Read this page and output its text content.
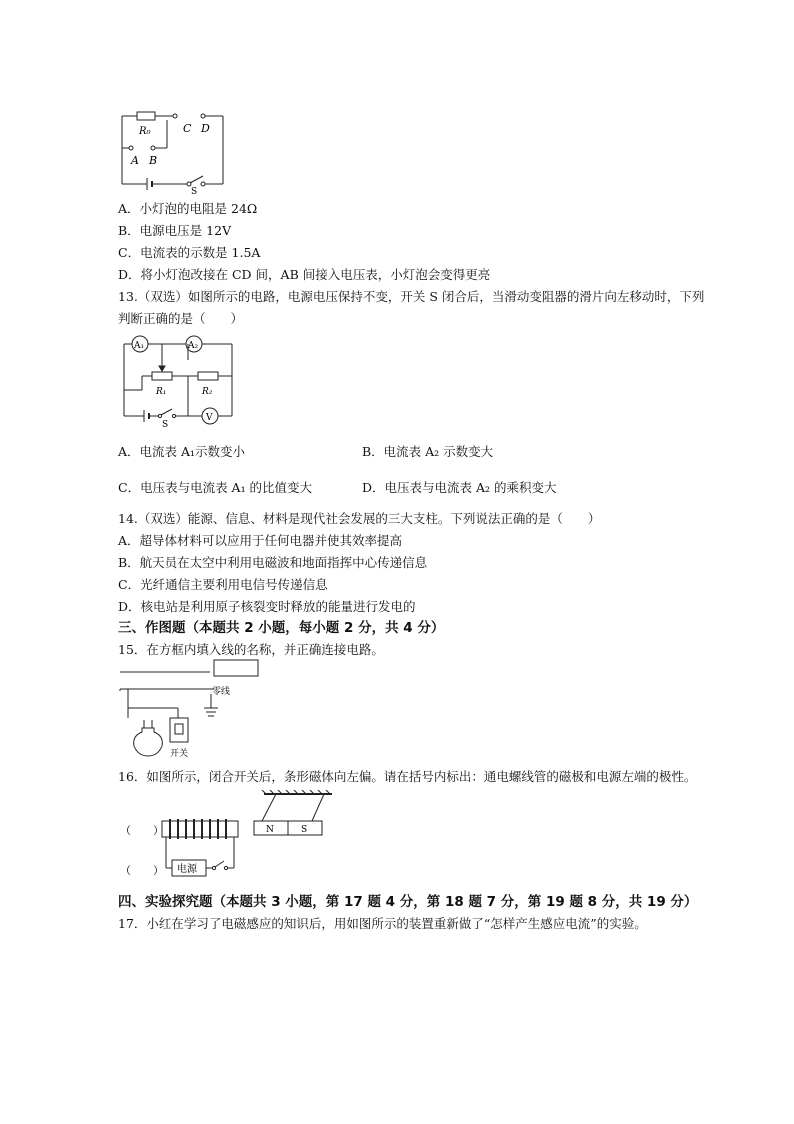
R₀	C D
A B
S
A．小灯泡的电阻是 24Ω
B．电源电压是 12V
C．电流表的示数是 1.5A
D．将小灯泡改接在 CD 间，AB 间接入电压表，小灯泡会变得更亮
13.（双选）如图所示的电路，电源电压保持不变，开关 S 闭合后，当滑动变阻器的滑片向左移动时，下列
判断正确的是（　　）
A₁	A₂
R₁	R₂
S
V
A．电流表 A₁示数变小	B．电流表 A₂ 示数变大
C．电压表与电流表 A₁ 的比值变大	D．电压表与电流表 A₂ 的乘积变大
14.（双选）能源、信息、材料是现代社会发展的三大支柱。下列说法正确的是（　　）
A．超导体材料可以应用于任何电器并使其效率提高
B．航天员在太空中利用电磁波和地面指挥中心传递信息
C．光纤通信主要利用电信号传递信息
D．核电站是利用原子核裂变时释放的能量进行发电的
三、作图题（本题共 2 小题，每小题 2 分，共 4 分）
15．在方框内填入线的名称，并正确连接电路。
零线
开关
16．如图所示，闭合开关后，条形磁体向左偏。请在括号内标出：通电螺线管的磁极和电源左端的极性。
（　　）
（　　） 电源
N	S
四、实验探究题（本题共 3 小题，第 17 题 4 分，第 18 题 7 分，第 19 题 8 分，共 19 分）
17．小红在学习了电磁感应的知识后，用如图所示的装置重新做了“怎样产生感应电流”的实验。
